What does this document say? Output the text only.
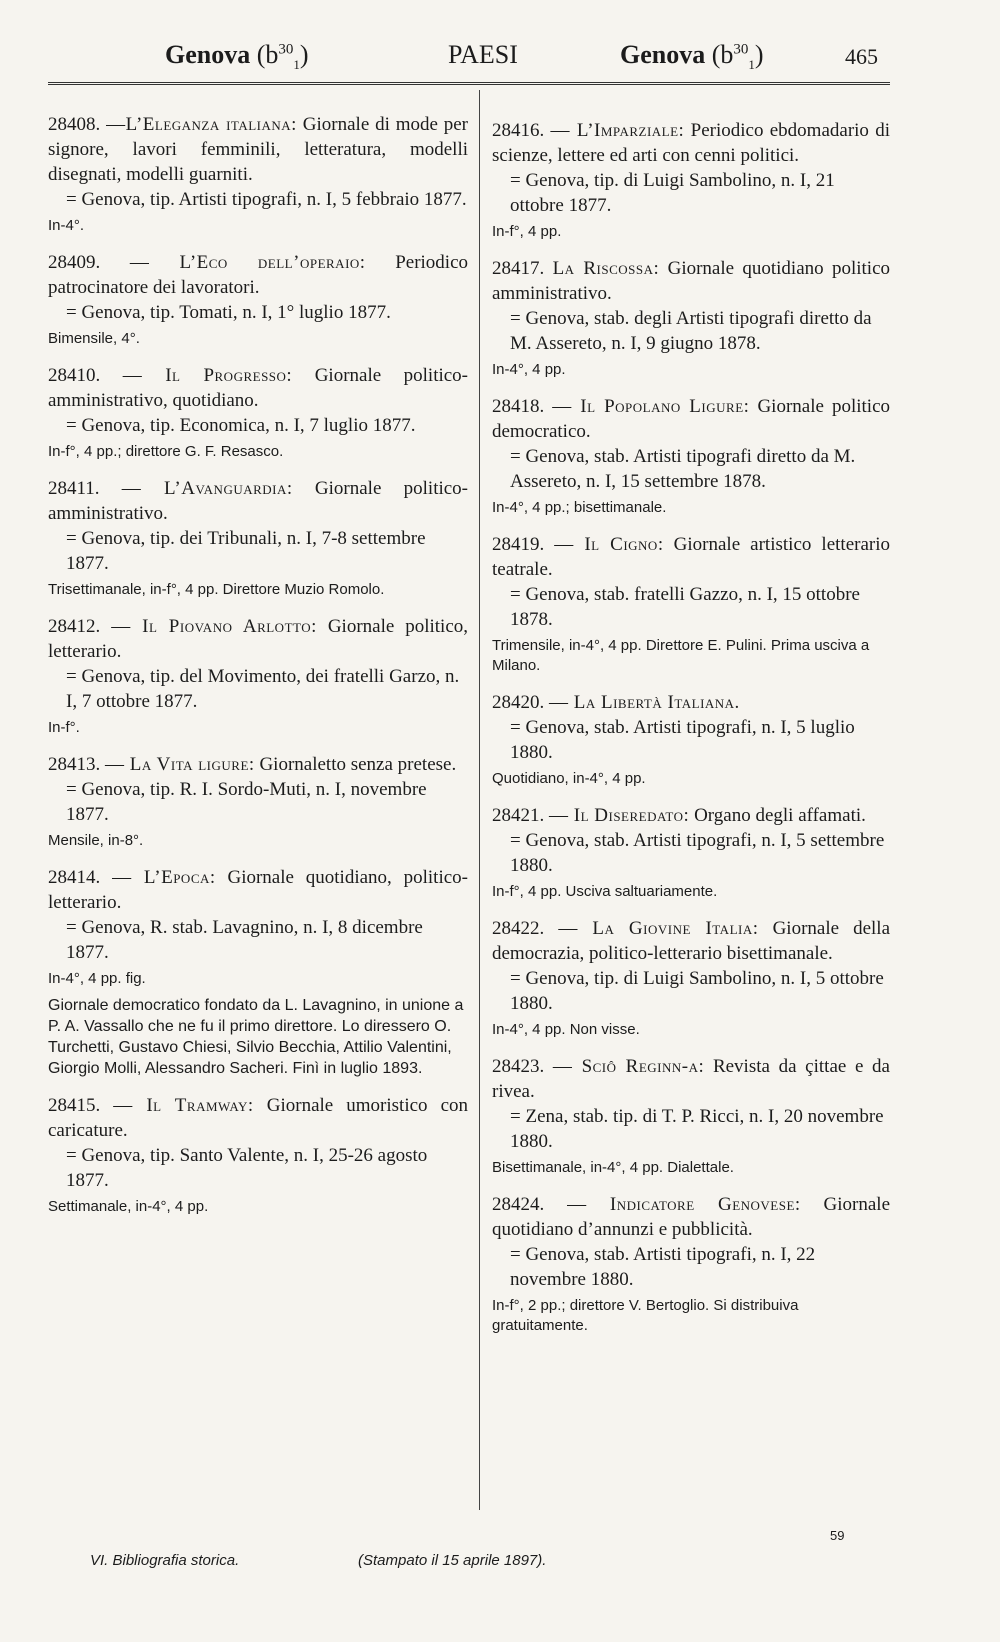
Genova $(b^{30}_1)$	PAESI	Genova $(b^{30}_1)$	465
28408. —L’Eleganza italiana: Giornale di mode per signore, lavori femminili, letteratura, modelli disegnati, modelli guarniti.
= Genova, tip. Artisti tipografi, n. I, 5 febbraio 1877.
In-4°.
28409. — L’Eco dell’operaio: Periodico patrocinatore dei lavoratori.
= Genova, tip. Tomati, n. I, 1° luglio 1877.
Bimensile, 4°.
28410. — Il Progresso: Giornale politico-amministrativo, quotidiano.
= Genova, tip. Economica, n. I, 7 luglio 1877.
In-f°, 4 pp.; direttore G. F. Resasco.
28411. — L’Avanguardia: Giornale politico-amministrativo.
= Genova, tip. dei Tribunali, n. I, 7-8 settembre 1877.
Trisettimanale, in-f°, 4 pp. Direttore Muzio Romolo.
28412. — Il Piovano Arlotto: Giornale politico, letterario.
= Genova, tip. del Movimento, dei fratelli Garzo, n. I, 7 ottobre 1877.
In-f°.
28413. — La Vita ligure: Giornaletto senza pretese.
= Genova, tip. R. I. Sordo-Muti, n. I, novembre 1877.
Mensile, in-8°.
28414. — L’Epoca: Giornale quotidiano, politico-letterario.
= Genova, R. stab. Lavagnino, n. I, 8 dicembre 1877.
In-4°, 4 pp. fig.
Giornale democratico fondato da L. Lavagnino, in unione a P. A. Vassallo che ne fu il primo direttore. Lo diressero O. Turchetti, Gustavo Chiesi, Silvio Becchia, Attilio Valentini, Giorgio Molli, Alessandro Sacheri. Finì in luglio 1893.
28415. — Il Tramway: Giornale umoristico con caricature.
= Genova, tip. Santo Valente, n. I, 25-26 agosto 1877.
Settimanale, in-4°, 4 pp.
28416. — L’Imparziale: Periodico ebdomadario di scienze, lettere ed arti con cenni politici.
= Genova, tip. di Luigi Sambolino, n. I, 21 ottobre 1877.
In-f°, 4 pp.
28417. La Riscossa: Giornale quotidiano politico amministrativo.
= Genova, stab. degli Artisti tipografi diretto da M. Assereto, n. I, 9 giugno 1878.
In-4°, 4 pp.
28418. — Il Popolano Ligure: Giornale politico democratico.
= Genova, stab. Artisti tipografi diretto da M. Assereto, n. I, 15 settembre 1878.
In-4°, 4 pp.; bisettimanale.
28419. — Il Cigno: Giornale artistico letterario teatrale.
= Genova, stab. fratelli Gazzo, n. I, 15 ottobre 1878.
Trimensile, in-4°, 4 pp. Direttore E. Pulini. Prima usciva a Milano.
28420. — La Libertà Italiana.
= Genova, stab. Artisti tipografi, n. I, 5 luglio 1880.
Quotidiano, in-4°, 4 pp.
28421. — Il Diseredato: Organo degli affamati.
= Genova, stab. Artisti tipografi, n. I, 5 settembre 1880.
In-f°, 4 pp. Usciva saltuariamente.
28422. — La Giovine Italia: Giornale della democrazia, politico-letterario bisettimanale.
= Genova, tip. di Luigi Sambolino, n. I, 5 ottobre 1880.
In-4°, 4 pp. Non visse.
28423. — Sciô Reginn-a: Revista da çittae e da rivea.
= Zena, stab. tip. di T. P. Ricci, n. I, 20 novembre 1880.
Bisettimanale, in-4°, 4 pp. Dialettale.
28424. — Indicatore Genovese: Giornale quotidiano d’annunzi e pubblicità.
= Genova, stab. Artisti tipografi, n. I, 22 novembre 1880.
In-f°, 2 pp.; direttore V. Bertoglio. Si distribuiva gratuitamente.
VI. Bibliografia storica.	(Stampato il 15 aprile 1897).
59
